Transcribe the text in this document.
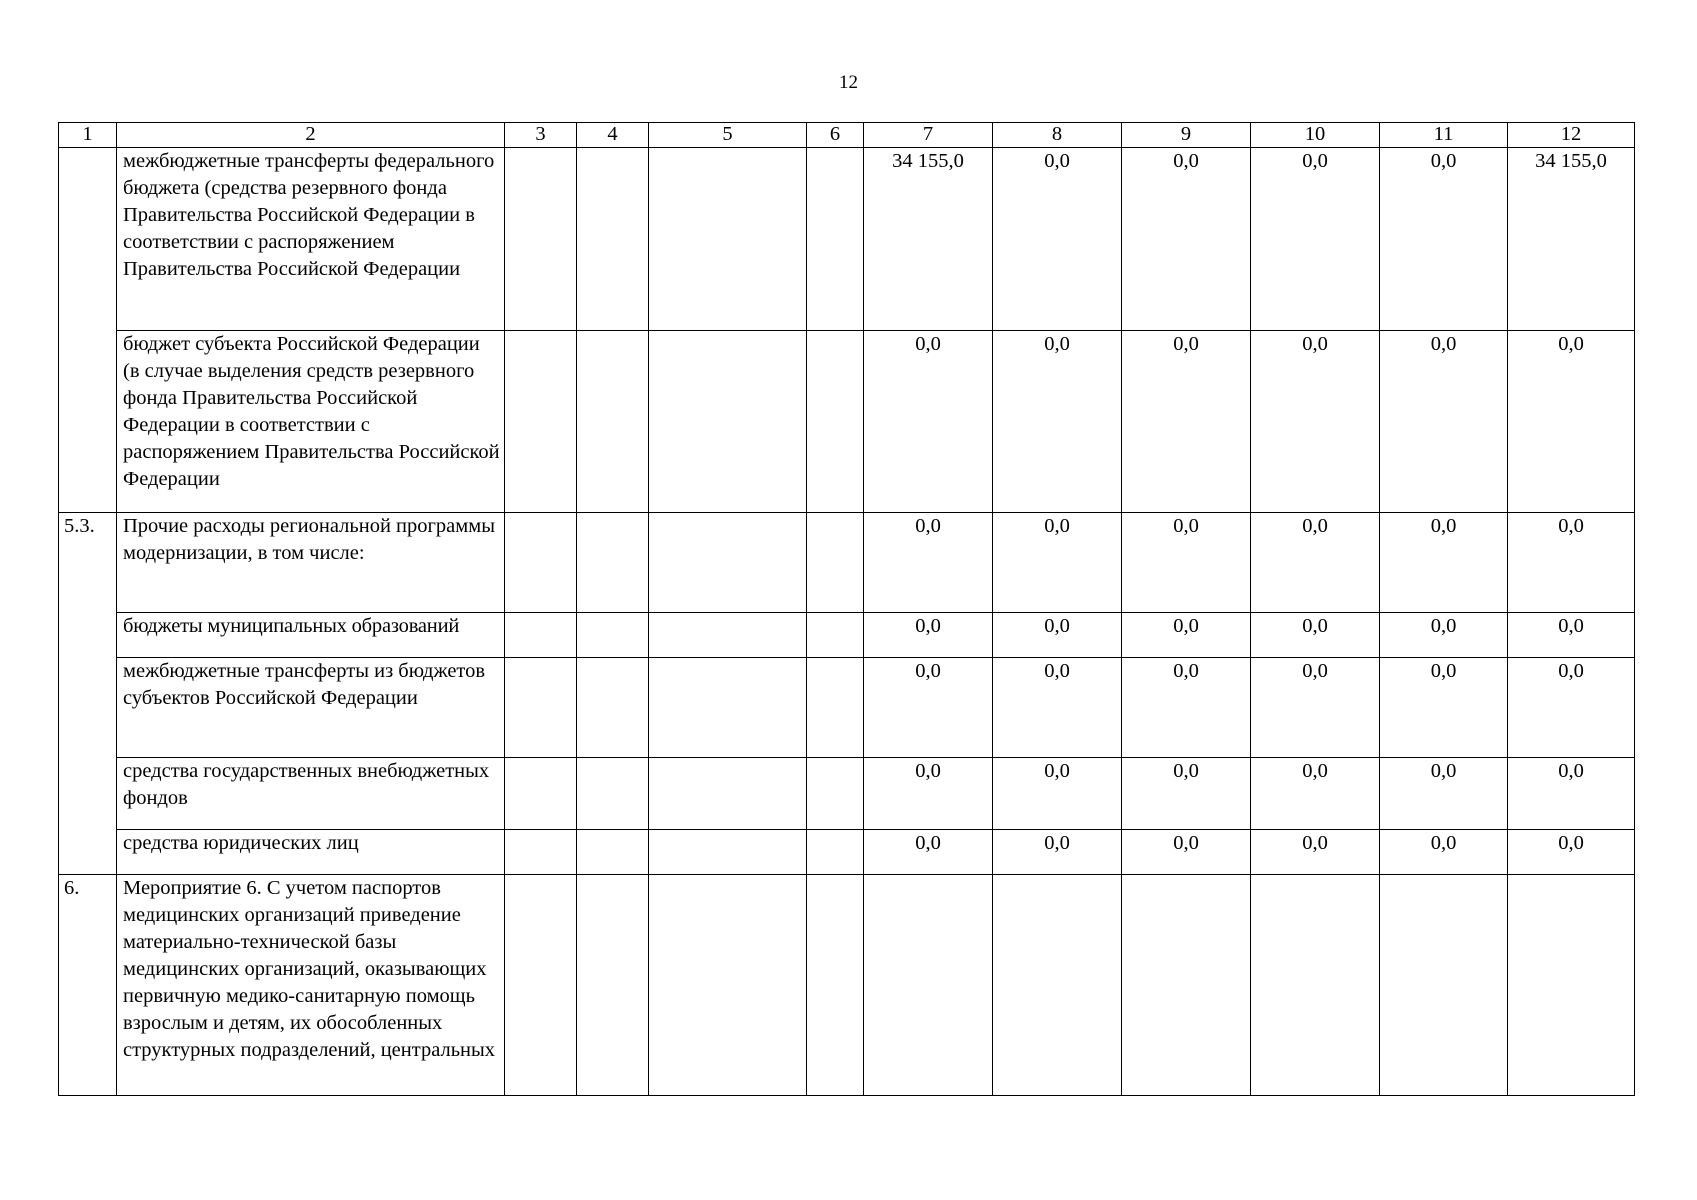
12
1	2	3	4	5	6	7	8	9	10	11	12
	межбюджетные трансферты федерального бюджета (средства резервного фонда Правительства Российской Федерации в соответствии с распоряжением Правительства Российской Федерации					34 155,0	0,0	0,0	0,0	0,0	34 155,0
	бюджет субъекта Российской Федерации (в случае выделения средств резервного фонда Правительства Российской Федерации в соответствии с распоряжением Правительства Российской Федерации					0,0	0,0	0,0	0,0	0,0	0,0
5.3.	Прочие расходы региональной программы модернизации, в том числе:					0,0	0,0	0,0	0,0	0,0	0,0
	бюджеты муниципальных образований					0,0	0,0	0,0	0,0	0,0	0,0
	межбюджетные трансферты из бюджетов субъектов Российской Федерации					0,0	0,0	0,0	0,0	0,0	0,0
	средства государственных внебюджетных фондов					0,0	0,0	0,0	0,0	0,0	0,0
	средства юридических лиц					0,0	0,0	0,0	0,0	0,0	0,0
6.	Мероприятие 6. С учетом паспортов медицинских организаций приведение материально-технической базы медицинских организаций, оказывающих первичную медико-санитарную помощь взрослым и детям, их обособленных структурных подразделений, центральных										
